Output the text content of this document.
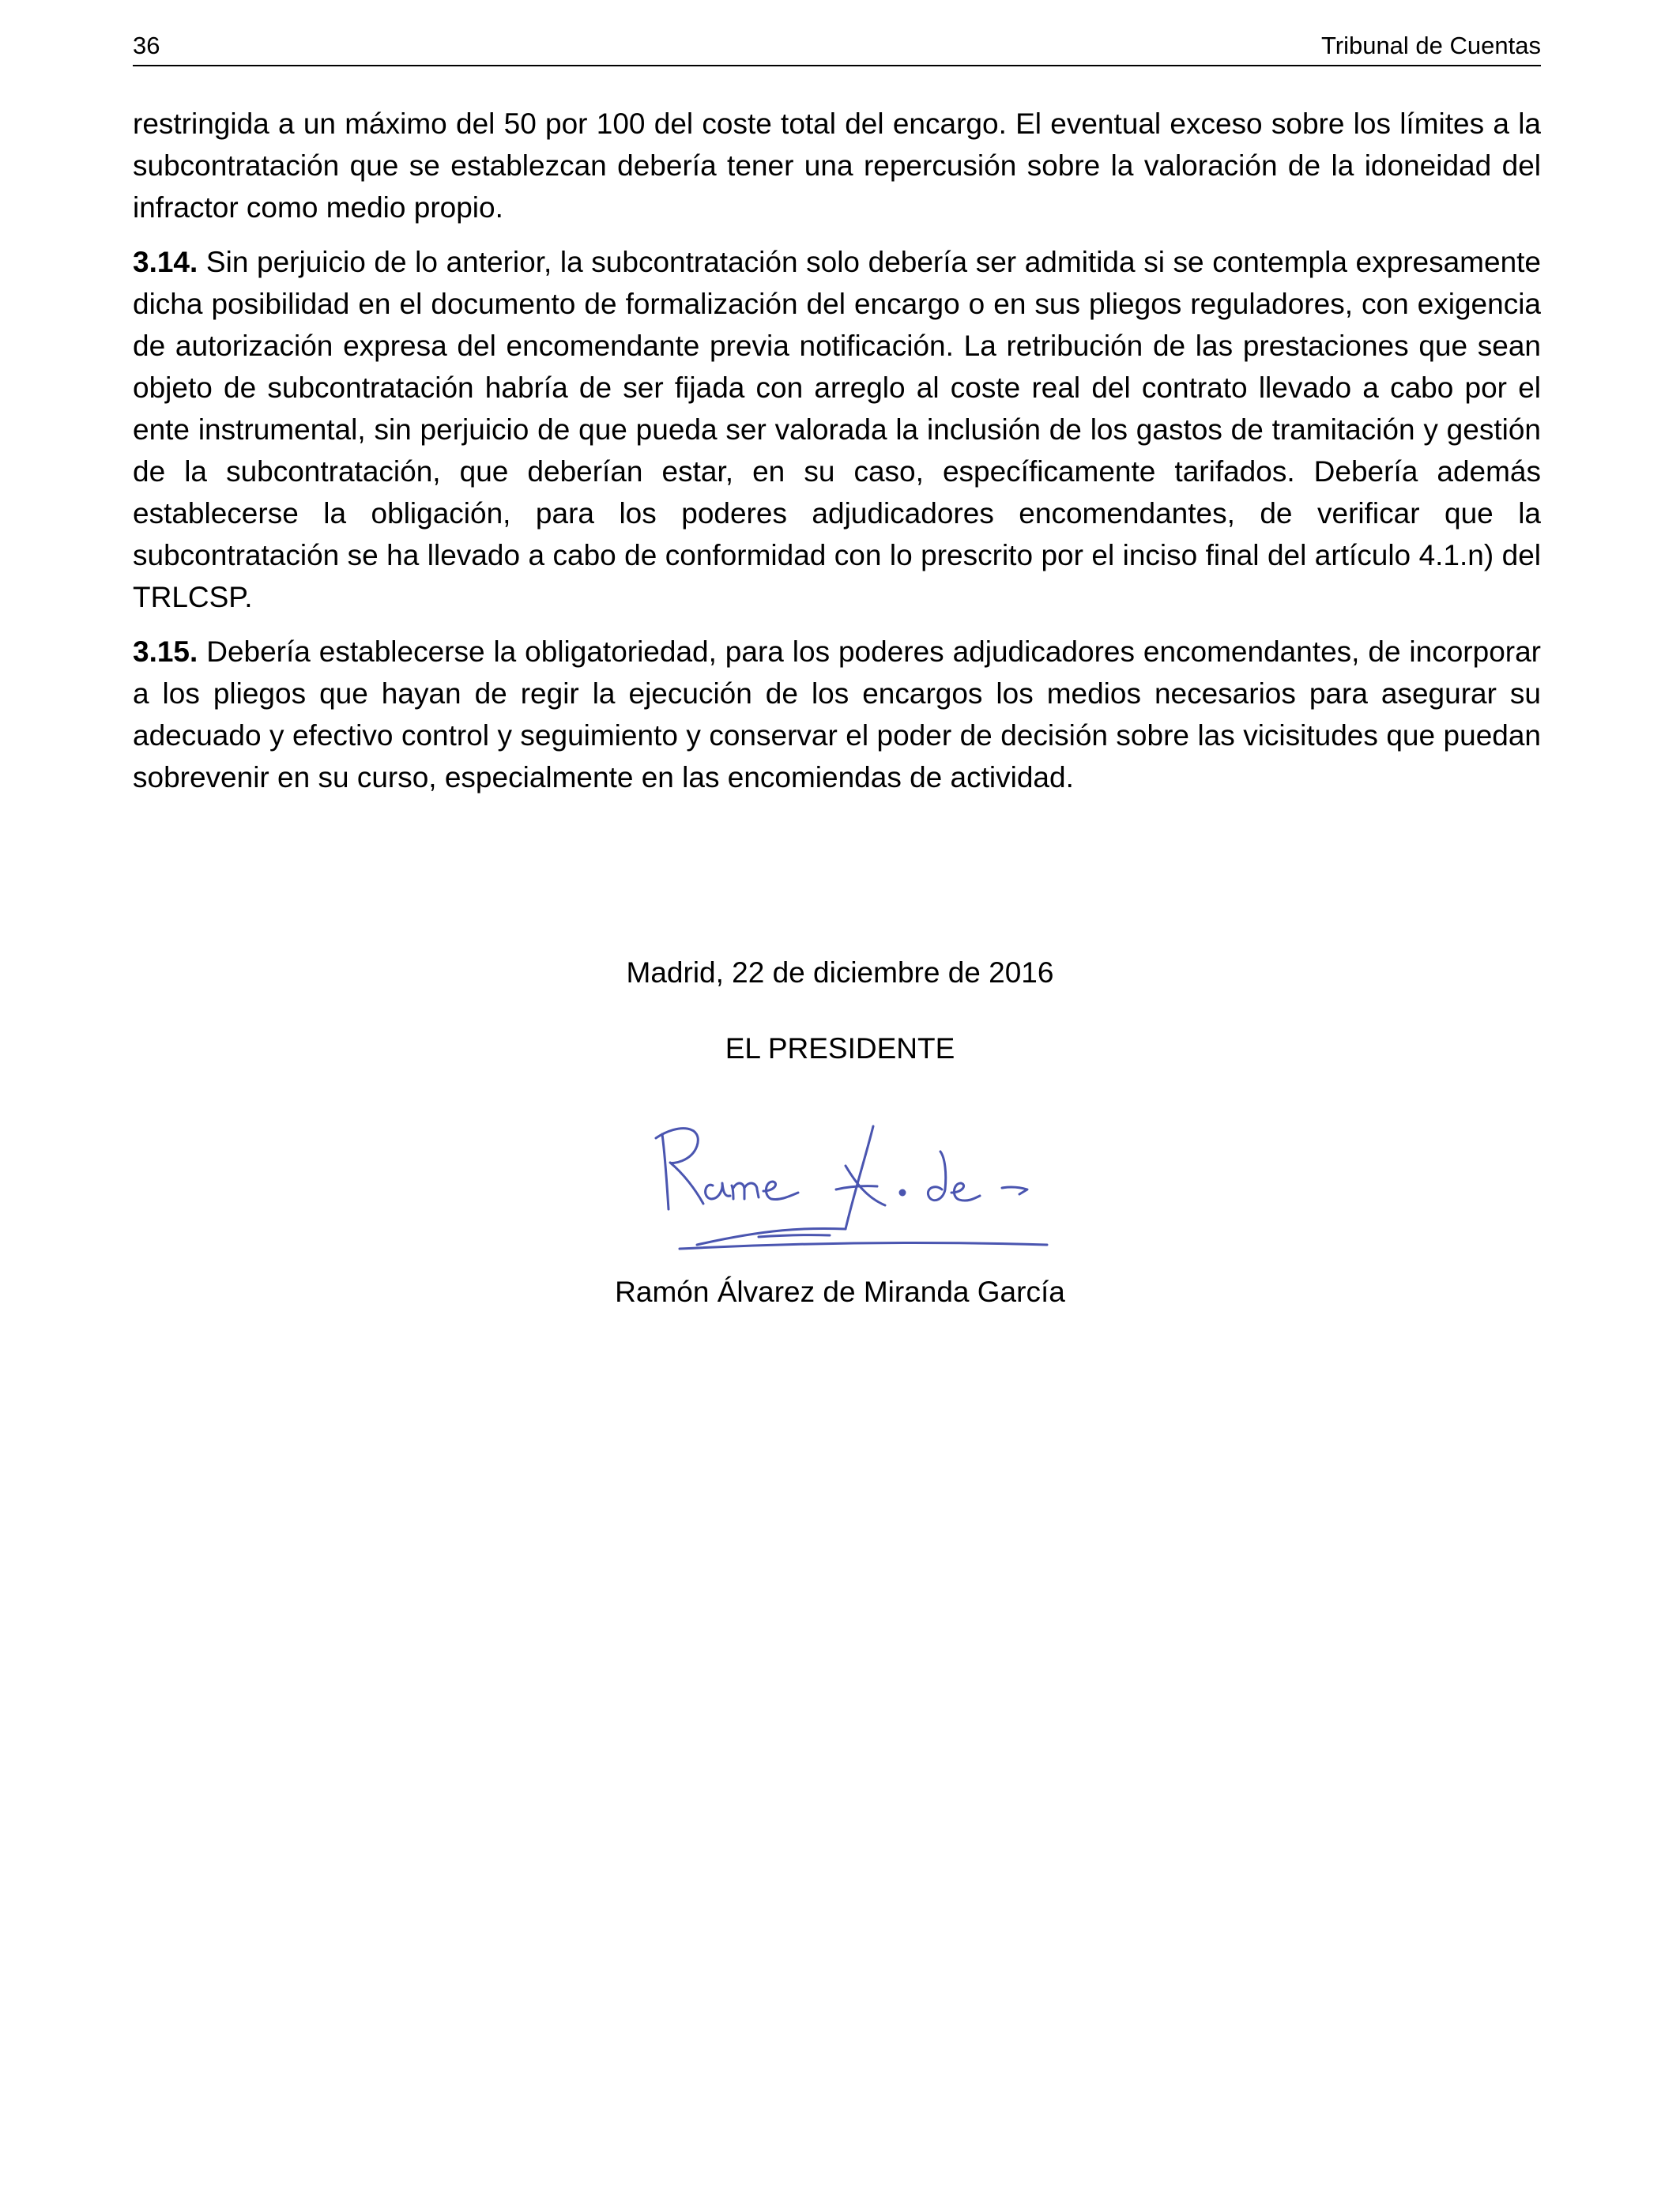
36	Tribunal de Cuentas

restringida a un máximo del 50 por 100 del coste total del encargo. El eventual exceso sobre los límites a la subcontratación que se establezcan debería tener una repercusión sobre la valoración de la idoneidad del infractor como medio propio.

3.14. Sin perjuicio de lo anterior, la subcontratación solo debería ser admitida si se contempla expresamente dicha posibilidad en el documento de formalización del encargo o en sus pliegos reguladores, con exigencia de autorización expresa del encomendante previa notificación. La retribución de las prestaciones que sean objeto de subcontratación habría de ser fijada con arreglo al coste real del contrato llevado a cabo por el ente instrumental, sin perjuicio de que pueda ser valorada la inclusión de los gastos de tramitación y gestión de la subcontratación, que deberían estar, en su caso, específicamente tarifados. Debería además establecerse la obligación, para los poderes adjudicadores encomendantes, de verificar que la subcontratación se ha llevado a cabo de conformidad con lo prescrito por el inciso final del artículo 4.1.n) del TRLCSP.

3.15. Debería establecerse la obligatoriedad, para los poderes adjudicadores encomendantes, de incorporar a los pliegos que hayan de regir la ejecución de los encargos los medios necesarios para asegurar su adecuado y efectivo control y seguimiento y conservar el poder de decisión sobre las vicisitudes que puedan sobrevenir en su curso, especialmente en las encomiendas de actividad.

Madrid, 22 de diciembre de 2016
EL PRESIDENTE
Ramón Álvarez de Miranda García
